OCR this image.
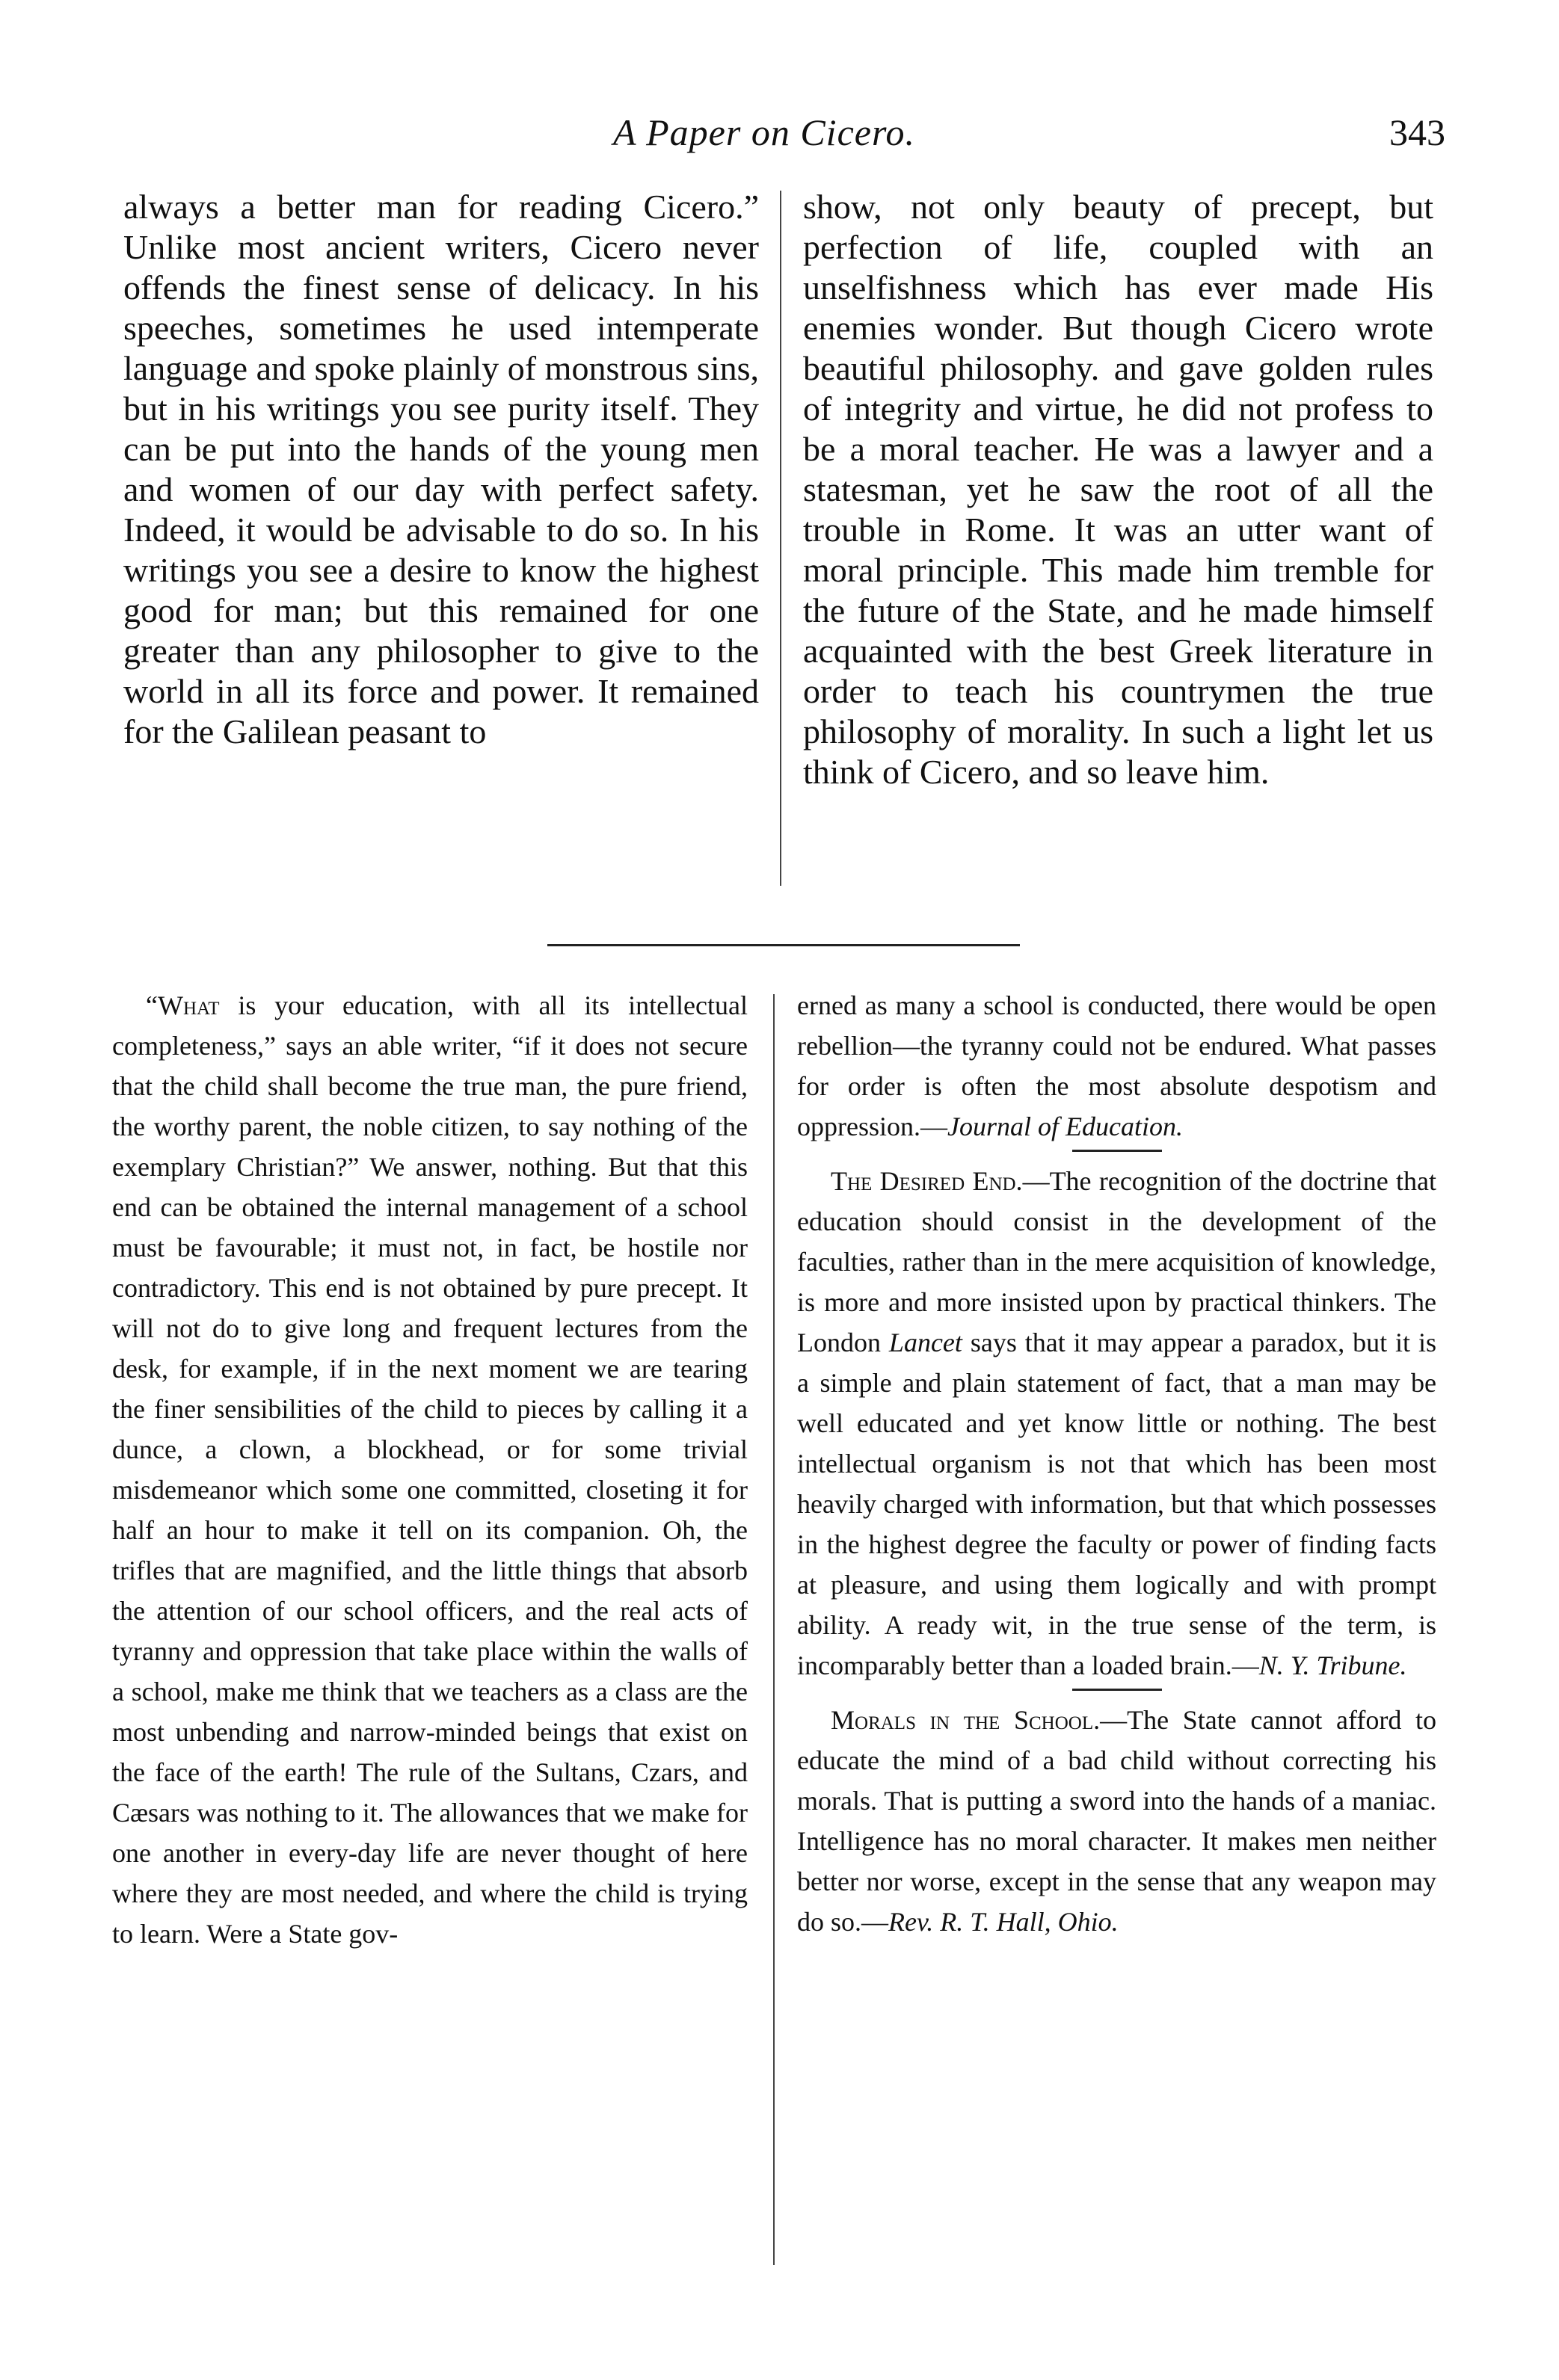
A Paper on Cicero.	343

always a better man for reading Cicero.” Unlike most ancient writers, Cicero never offends the finest sense of delicacy. In his speeches, sometimes he used intemperate language and spoke plainly of monstrous sins, but in his writings you see purity itself. They can be put into the hands of the young men and women of our day with perfect safety. Indeed, it would be advisable to do so. In his writings you see a desire to know the highest good for man; but this remained for one greater than any philosopher to give to the world in all its force and power. It remained for the Galilean peasant to

show, not only beauty of precept, but perfection of life, coupled with an unselfishness which has ever made His enemies wonder. But though Cicero wrote beautiful philosophy. and gave golden rules of integrity and virtue, he did not profess to be a moral teacher. He was a lawyer and a statesman, yet he saw the root of all the trouble in Rome. It was an utter want of moral principle. This made him tremble for the future of the State, and he made himself acquainted with the best Greek literature in order to teach his countrymen the true philosophy of morality. In such a light let us think of Cicero, and so leave him.

“What is your education, with all its intellectual completeness,” says an able writer, “if it does not secure that the child shall become the true man, the pure friend, the worthy parent, the noble citizen, to say nothing of the exemplary Christian?” We answer, nothing. But that this end can be obtained the internal management of a school must be favourable; it must not, in fact, be hostile nor contradictory. This end is not obtained by pure precept. It will not do to give long and frequent lectures from the desk, for example, if in the next moment we are tearing the finer sensibilities of the child to pieces by calling it a dunce, a clown, a blockhead, or for some trivial misdemeanor which some one committed, closeting it for half an hour to make it tell on its companion. Oh, the trifles that are magnified, and the little things that absorb the attention of our school officers, and the real acts of tyranny and oppression that take place within the walls of a school, make me think that we teachers as a class are the most unbending and narrow-minded beings that exist on the face of the earth! The rule of the Sultans, Czars, and Cæsars was nothing to it. The allowances that we make for one another in every-day life are never thought of here where they are most needed, and where the child is trying to learn. Were a State gov-

erned as many a school is conducted, there would be open rebellion—the tyranny could not be endured. What passes for order is often the most absolute despotism and oppression.—Journal of Education.

The Desired End.—The recognition of the doctrine that education should consist in the development of the faculties, rather than in the mere acquisition of knowledge, is more and more insisted upon by practical thinkers. The London Lancet says that it may appear a paradox, but it is a simple and plain statement of fact, that a man may be well educated and yet know little or nothing. The best intellectual organism is not that which has been most heavily charged with information, but that which possesses in the highest degree the faculty or power of finding facts at pleasure, and using them logically and with prompt ability. A ready wit, in the true sense of the term, is incomparably better than a loaded brain.—N. Y. Tribune.

Morals in the School.—The State cannot afford to educate the mind of a bad child without correcting his morals. That is putting a sword into the hands of a maniac. Intelligence has no moral character. It makes men neither better nor worse, except in the sense that any weapon may do so.—Rev. R. T. Hall, Ohio.
